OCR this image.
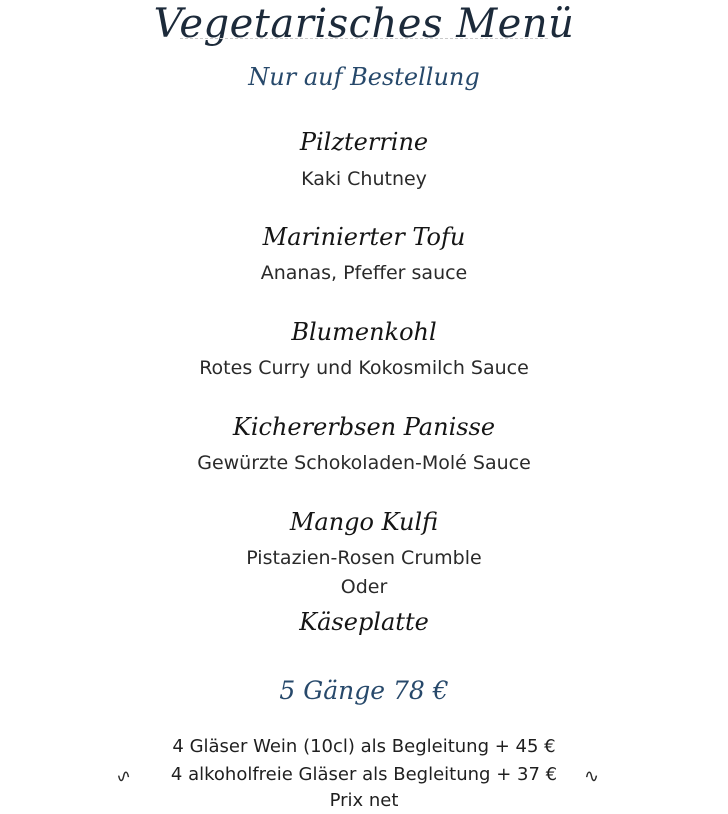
Vegetarisches Menü
Nur auf Bestellung
Pilzterrine
Kaki Chutney
Marinierter Tofu
Ananas, Pfeffer sauce
Blumenkohl
Rotes Curry und Kokosmilch Sauce
Kichererbsen Panisse
Gewürzte Schokoladen-Molé Sauce
Mango Kulfi
Pistazien-Rosen Crumble
Oder
Käseplatte
5 Gänge 78 €
4 Gläser Wein (10cl) als Begleitung + 45 €
4 alkoholfreie Gläser als Begleitung + 37 €
∿	∿
Prix net
